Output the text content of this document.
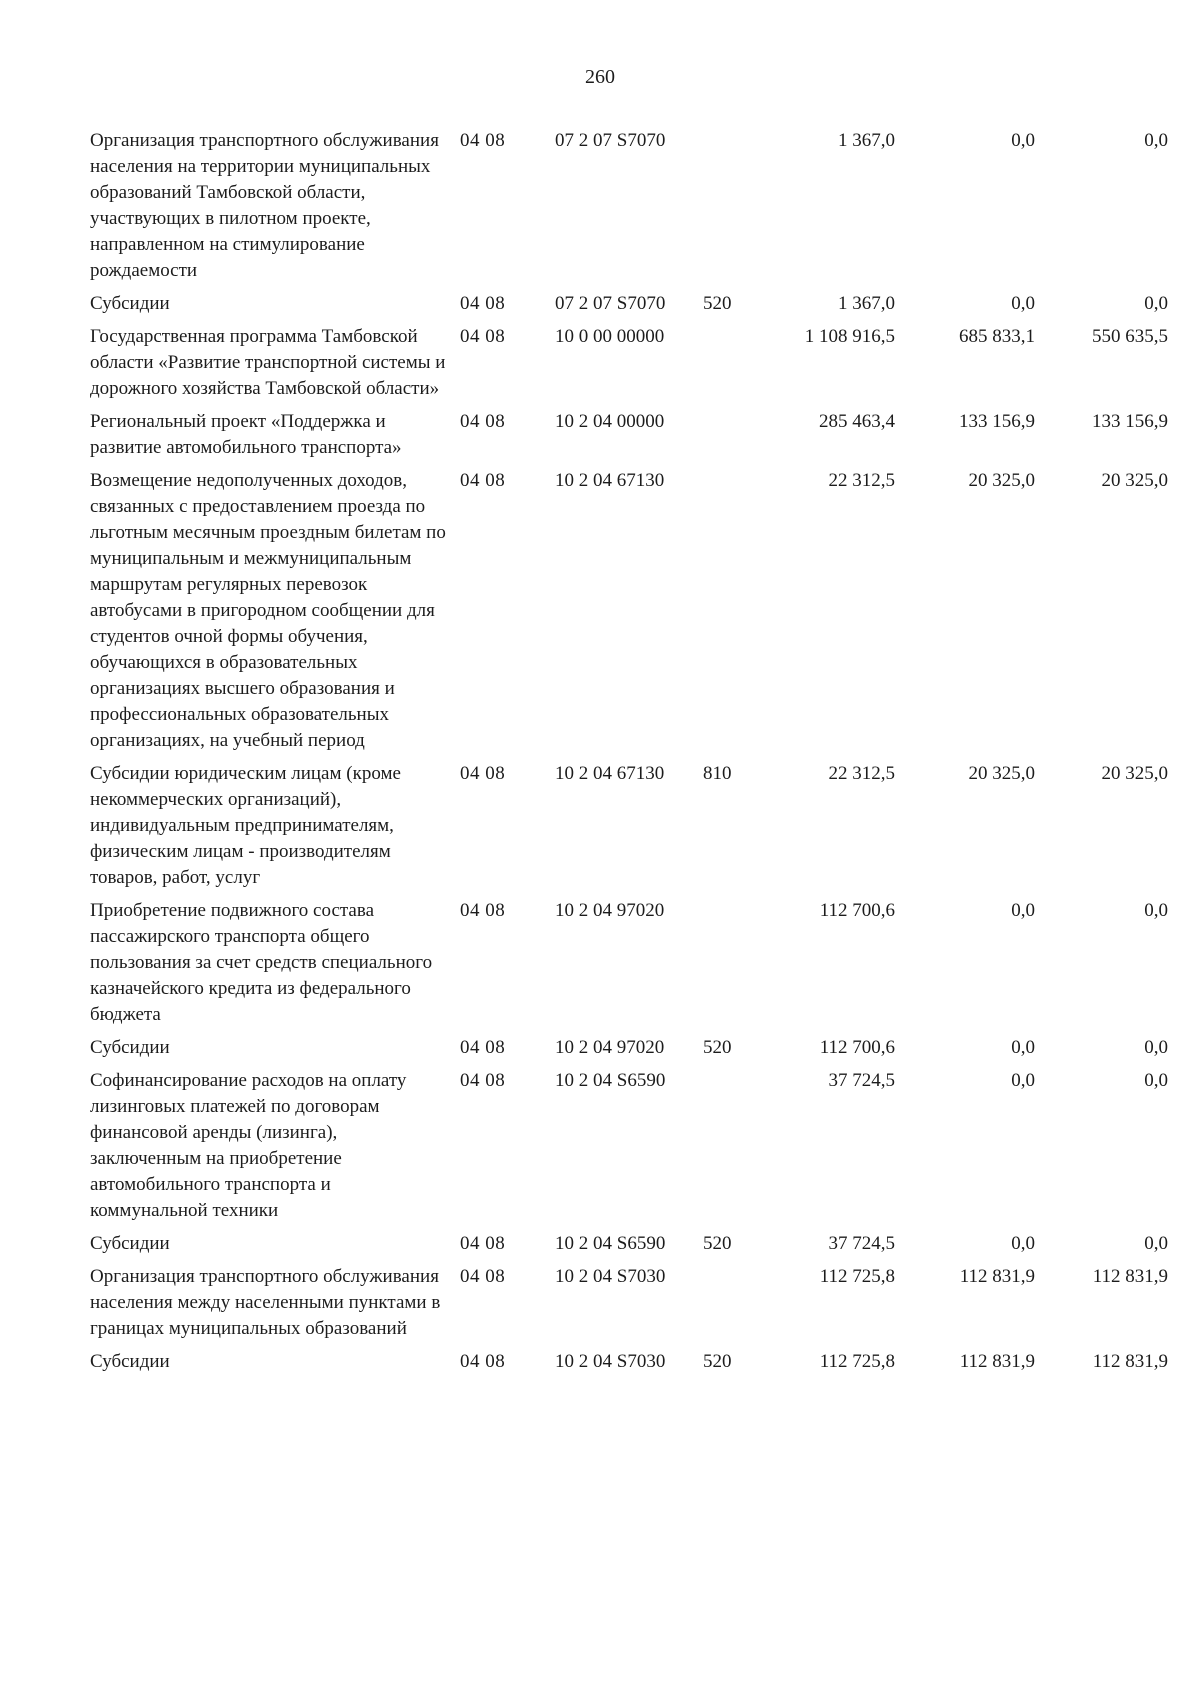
260
Организация транспортного обслуживания населения на территории муниципальных образований Тамбовской области, участвующих в пилотном проекте, направленном на стимулирование рождаемости	04 08	07 2 07 S7070		1 367,0	0,0	0,0
Субсидии	04 08	07 2 07 S7070	520	1 367,0	0,0	0,0
Государственная программа Тамбовской области «Развитие транспортной системы и дорожного хозяйства Тамбовской области»	04 08	10 0 00 00000		1 108 916,5	685 833,1	550 635,5
Региональный проект «Поддержка и развитие автомобильного транспорта»	04 08	10 2 04 00000		285 463,4	133 156,9	133 156,9
Возмещение недополученных доходов, связанных с предоставлением проезда по льготным месячным проездным билетам по муниципальным и межмуниципальным маршрутам регулярных перевозок автобусами в пригородном сообщении для студентов очной формы обучения, обучающихся в образовательных организациях высшего образования и профессиональных образовательных организациях, на учебный период	04 08	10 2 04 67130		22 312,5	20 325,0	20 325,0
Субсидии юридическим лицам (кроме некоммерческих организаций), индивидуальным предпринимателям, физическим лицам - производителям товаров, работ, услуг	04 08	10 2 04 67130	810	22 312,5	20 325,0	20 325,0
Приобретение подвижного состава пассажирского транспорта общего пользования за счет средств специального казначейского кредита из федерального бюджета	04 08	10 2 04 97020		112 700,6	0,0	0,0
Субсидии	04 08	10 2 04 97020	520	112 700,6	0,0	0,0
Софинансирование расходов на оплату лизинговых платежей по договорам финансовой аренды (лизинга), заключенным на приобретение автомобильного транспорта и коммунальной техники	04 08	10 2 04 S6590		37 724,5	0,0	0,0
Субсидии	04 08	10 2 04 S6590	520	37 724,5	0,0	0,0
Организация транспортного обслуживания населения между населенными пунктами в границах муниципальных образований	04 08	10 2 04 S7030		112 725,8	112 831,9	112 831,9
Субсидии	04 08	10 2 04 S7030	520	112 725,8	112 831,9	112 831,9
